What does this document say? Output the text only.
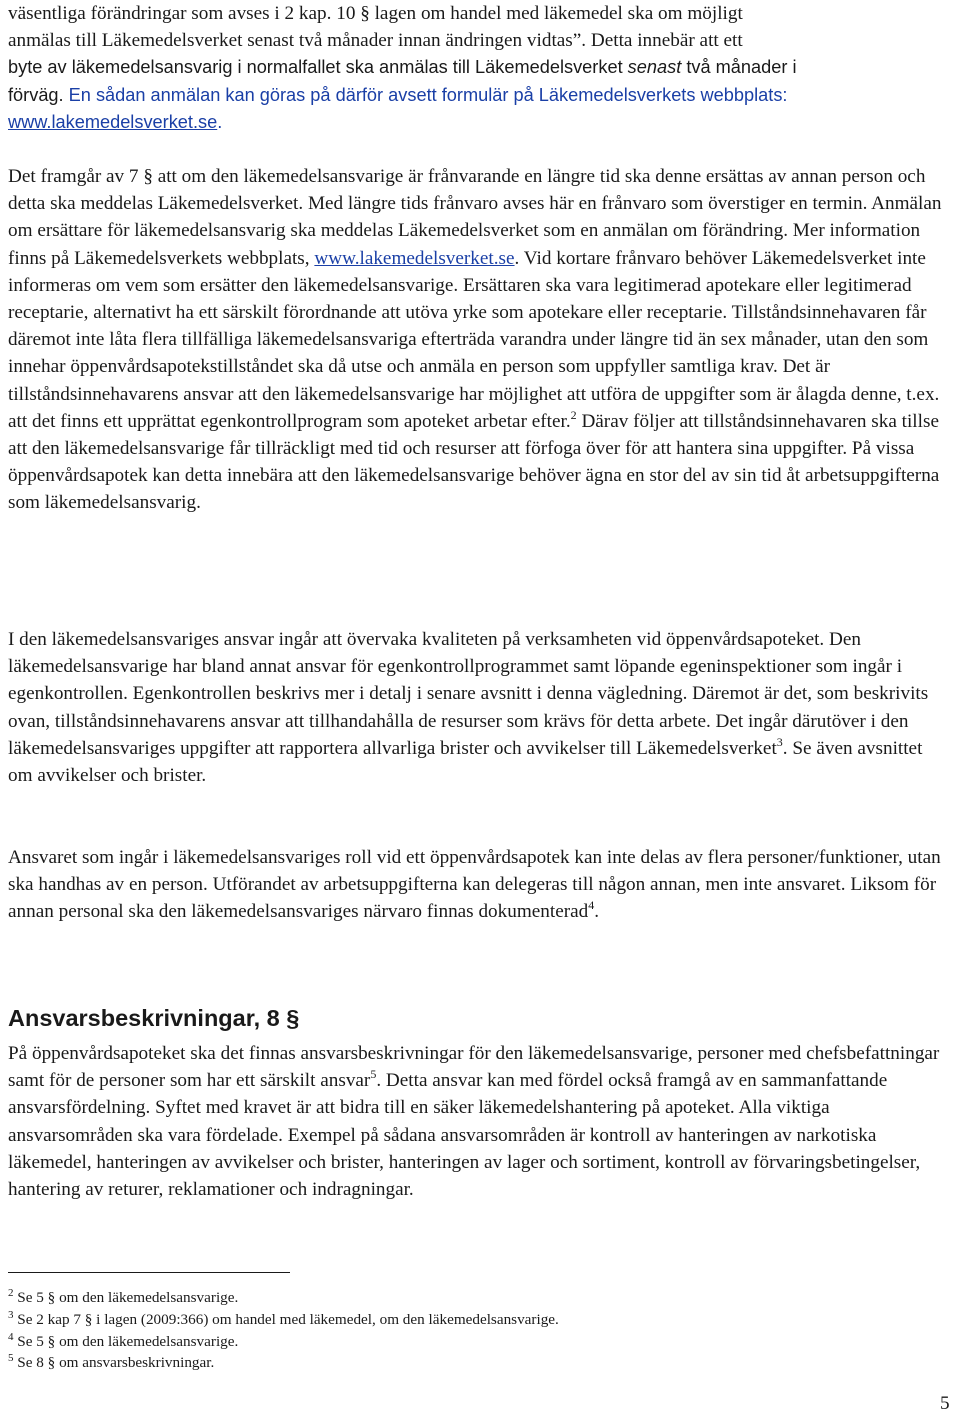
väsentliga förändringar som avses i 2 kap. 10 § lagen om handel med läkemedel ska om möjligt
anmälas till Läkemedelsverket senast två månader innan ändringen vidtas”. Detta innebär att ett
byte av läkemedelsansvarig i normalfallet ska anmälas till Läkemedelsverket senast två månader i
förväg. En sådan anmälan kan göras på därför avsett formulär på Läkemedelsverkets webbplats:
www.lakemedelsverket.se.

Det framgår av 7 § att om den läkemedelsansvarige är frånvarande en längre tid ska denne ersättas av annan person och detta ska meddelas Läkemedelsverket. Med längre tids frånvaro avses här en frånvaro som överstiger en termin. Anmälan om ersättare för läkemedelsansvarig ska meddelas Läkemedelsverket som en anmälan om förändring. Mer information finns på Läkemedelsverkets webbplats, www.lakemedelsverket.se. Vid kortare frånvaro behöver Läkemedelsverket inte informeras om vem som ersätter den läkemedelsansvarige. Ersättaren ska vara legitimerad apotekare eller legitimerad receptarie, alternativt ha ett särskilt förordnande att utöva yrke som apotekare eller receptarie. Tillståndsinnehavaren får däremot inte låta flera tillfälliga läkemedelsansvariga efterträda varandra under längre tid än sex månader, utan den som innehar öppenvårdsapotekstillståndet ska då utse och anmäla en person som uppfyller samtliga krav. Det är tillståndsinnehavarens ansvar att den läkemedelsansvarige har möjlighet att utföra de uppgifter som är ålagda denne, t.ex. att det finns ett upprättat egenkontrollprogram som apoteket arbetar efter.$^2$ Därav följer att tillståndsinnehavaren ska tillse att den läkemedelsansvarige får tillräckligt med tid och resurser att förfoga över för att hantera sina uppgifter. På vissa öppenvårdsapotek kan detta innebära att den läkemedelsansvarige behöver ägna en stor del av sin tid åt arbetsuppgifterna som läkemedelsansvarig.

I den läkemedelsansvariges ansvar ingår att övervaka kvaliteten på verksamheten vid öppenvårdsapoteket. Den läkemedelsansvarige har bland annat ansvar för egenkontrollprogrammet samt löpande egeninspektioner som ingår i egenkontrollen. Egenkontrollen beskrivs mer i detalj i senare avsnitt i denna vägledning. Däremot är det, som beskrivits ovan, tillståndsinnehavarens ansvar att tillhandahålla de resurser som krävs för detta arbete. Det ingår därutöver i den läkemedelsansvariges uppgifter att rapportera allvarliga brister och avvikelser till Läkemedelsverket$^3$. Se även avsnittet om avvikelser och brister.

Ansvaret som ingår i läkemedelsansvariges roll vid ett öppenvårdsapotek kan inte delas av flera personer/funktioner, utan ska handhas av en person. Utförandet av arbetsuppgifterna kan delegeras till någon annan, men inte ansvaret. Liksom för annan personal ska den läkemedelsansvariges närvaro finnas dokumenterad$^4$.

Ansvarsbeskrivningar, 8 §

På öppenvårdsapoteket ska det finnas ansvarsbeskrivningar för den läkemedelsansvarige, personer med chefsbefattningar samt för de personer som har ett särskilt ansvar$^5$. Detta ansvar kan med fördel också framgå av en sammanfattande ansvarsfördelning. Syftet med kravet är att bidra till en säker läkemedelshantering på apoteket. Alla viktiga ansvarsområden ska vara fördelade. Exempel på sådana ansvarsområden är kontroll av hanteringen av narkotiska läkemedel, hanteringen av avvikelser och brister, hanteringen av lager och sortiment, kontroll av förvaringsbetingelser, hantering av returer, reklamationer och indragningar.

$^2$ Se 5 § om den läkemedelsansvarige.
$^3$ Se 2 kap 7 § i lagen (2009:366) om handel med läkemedel, om den läkemedelsansvarige.
$^4$ Se 5 § om den läkemedelsansvarige.
$^5$ Se 8 § om ansvarsbeskrivningar.
5
